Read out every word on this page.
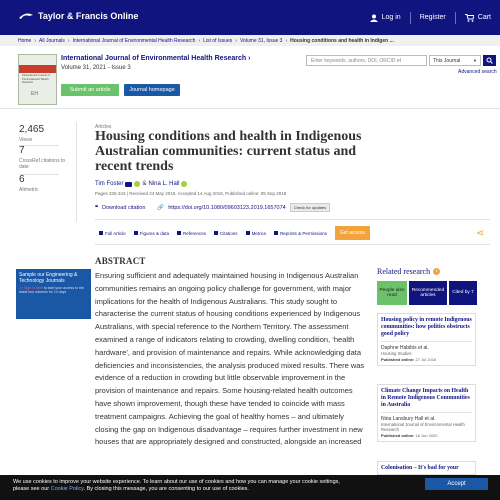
Taylor & Francis Online	Log in	Register	Cart
Home › All Journals › International Journal of Environmental Health Research › List of Issues › Volume 31, Issue 3 › Housing conditions and health in Indigen ...
International Journal of Environmental Health Research
EH
International Journal of Environmental Health Research ›
Volume 31, 2021 - Issue 3
Submit an article	Journal homepage
Enter keywords, authors, DOI, ORCID et	This Journal	▼
Advanced search
2,465
Views
7
CrossRef citations to date
6
Altmetric
Articles
Housing conditions and health in Indigenous Australian communities: current status and recent trends
Tim Foster	& Nina L. Hall
Pages 325-343 | Received 24 May 2019, Accepted 14 Aug 2019, Published online: 05 Sep 2019
❝ Download citation 🔗 https://doi.org/10.1080/09603123.2019.1657074	Check for updates
Full Article	Figures & data	References	Citations	Metrics	Reprints & Permissions	Get access	⋖
Sample our Engineering & Technology Journals
>> Sign in here to start your access to the latest two volumes for 14 days
ABSTRACT

Ensuring sufficient and adequately maintained housing in Indigenous Australian communities remains an ongoing policy challenge for government, with major implications for the health of Indigenous Australians. This study sought to characterise the current status of housing conditions experienced by Indigenous Australians, with special reference to the Northern Territory. The assessment examined a range of indicators relating to crowding, dwelling condition, ‘health hardware’, and provision of maintenance and repairs. While acknowledging data deficiencies and inconsistencies, the analysis produced mixed results. There was evidence of a reduction in crowding but little observable improvement in the provision of maintenance and repairs. Some housing-related health outcomes have shown improvement, though these have tended to coincide with mass treatment campaigns. Achieving the goal of healthy homes – and ultimately closing the gap on Indigenous disadvantage – requires further investment in new houses that are appropriately designed and constructed, alongside an increased

Related research	i
People also read
Recommended articles
Cited by 7
Housing policy in remote Indigenous communities: how politics obstructs good policy
Daphne Habibis et al.
Housing Studies
Published online: 27 Jul 2016
Climate Change Impacts on Health in Remote Indigenous Communities in Australia
Nina Lansbury Hall et al.
International Journal of Environmental Health Research
Published online: 16 Jun 2020
Colonisation – It's bad for your
We use cookies to improve your website experience. To learn about our use of cookies and how you can manage your cookie settings,
please see our Cookie Policy. By closing this message, you are consenting to our use of cookies.
Accept
